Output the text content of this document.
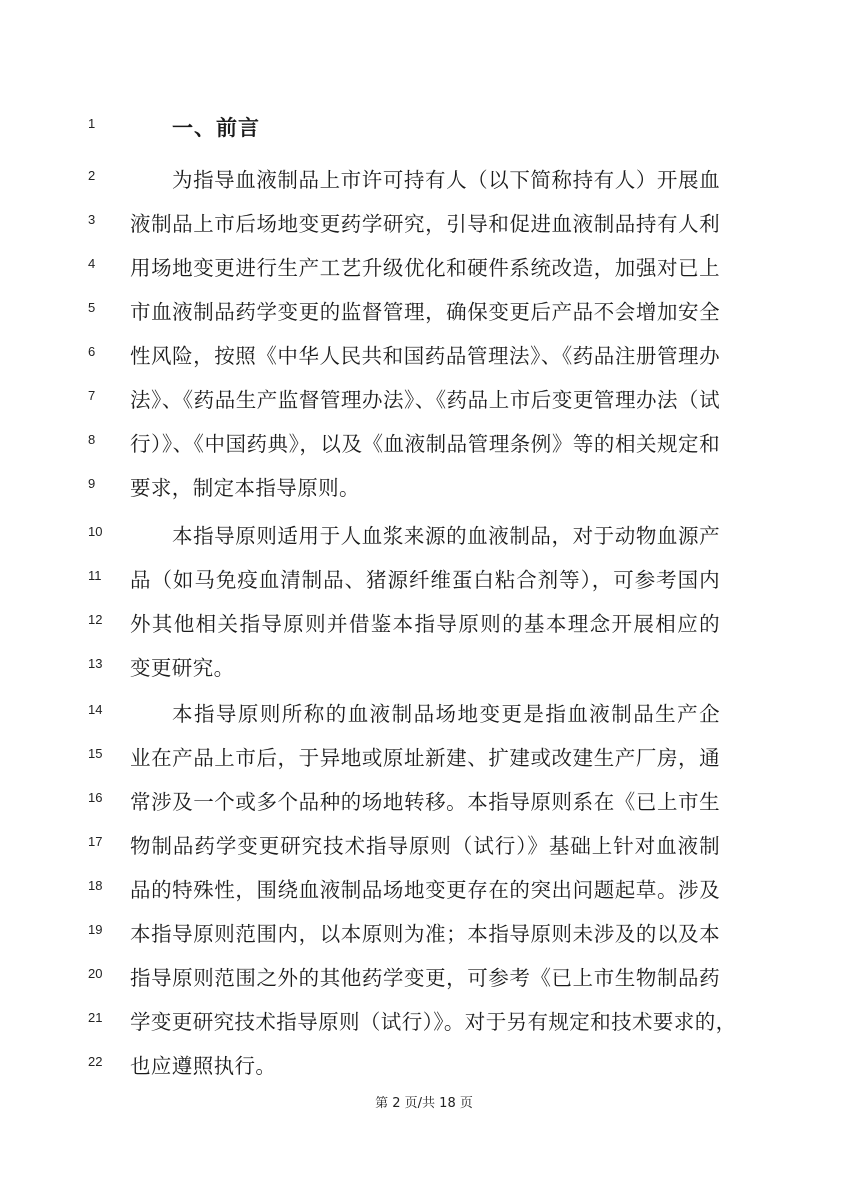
1	一、前言
2	为指导血液制品上市许可持有人（以下简称持有人）开展血
3	液制品上市后场地变更药学研究，引导和促进血液制品持有人利
4	用场地变更进行生产工艺升级优化和硬件系统改造，加强对已上
5	市血液制品药学变更的监督管理，确保变更后产品不会增加安全
6	性风险，按照《中华人民共和国药品管理法》、《药品注册管理办
7	法》、《药品生产监督管理办法》、《药品上市后变更管理办法（试
8	行）》、《中国药典》，以及《血液制品管理条例》等的相关规定和
9	要求，制定本指导原则。
10	本指导原则适用于人血浆来源的血液制品，对于动物血源产
11	品（如马免疫血清制品、猪源纤维蛋白粘合剂等），可参考国内
12	外其他相关指导原则并借鉴本指导原则的基本理念开展相应的
13	变更研究。
14	本指导原则所称的血液制品场地变更是指血液制品生产企
15	业在产品上市后，于异地或原址新建、扩建或改建生产厂房，通
16	常涉及一个或多个品种的场地转移。本指导原则系在《已上市生
17	物制品药学变更研究技术指导原则（试行）》基础上针对血液制
18	品的特殊性，围绕血液制品场地变更存在的突出问题起草。涉及
19	本指导原则范围内，以本原则为准；本指导原则未涉及的以及本
20	指导原则范围之外的其他药学变更，可参考《已上市生物制品药
21	学变更研究技术指导原则（试行）》。对于另有规定和技术要求的，
22	也应遵照执行。
第 2 页/共 18 页
